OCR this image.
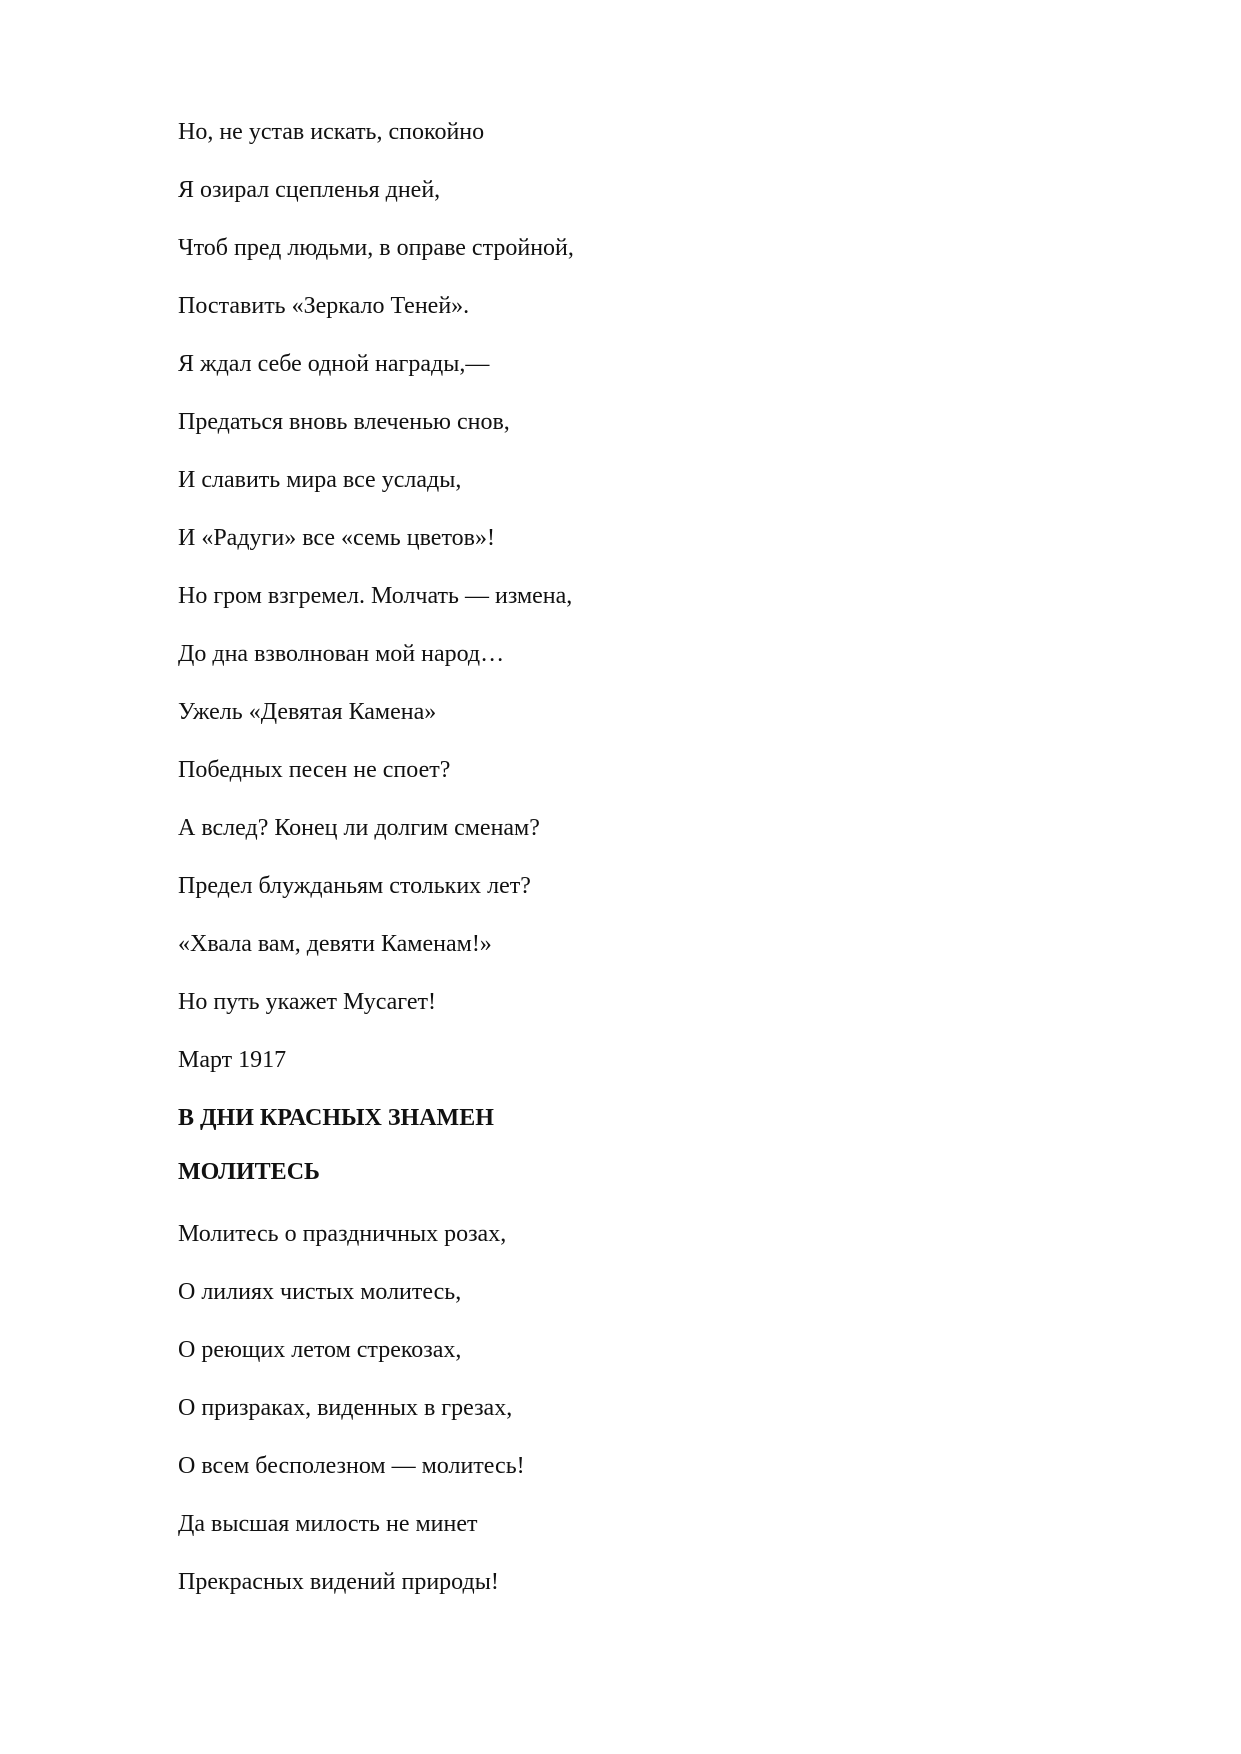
Но, не устав искать, спокойно
Я озирал сцепленья дней,
Чтоб пред людьми, в оправе стройной,
Поставить «Зеркало Теней».
Я ждал себе одной награды,—
Предаться вновь влеченью снов,
И славить мира все услады,
И «Радуги» все «семь цветов»!
Но гром взгремел. Молчать — измена,
До дна взволнован мой народ…
Ужель «Девятая Камена»
Победных песен не споет?
А вслед? Конец ли долгим сменам?
Предел блужданьям стольких лет?
«Хвала вам, девяти Каменам!»
Но путь укажет Мусагет!
Март 1917
В ДНИ КРАСНЫХ ЗНАМЕН
МОЛИТЕСЬ
Молитесь о праздничных розах,
О лилиях чистых молитесь,
О реющих летом стрекозах,
О призраках, виденных в грезах,
О всем бесполезном — молитесь!
Да высшая милость не минет
Прекрасных видений природы!
